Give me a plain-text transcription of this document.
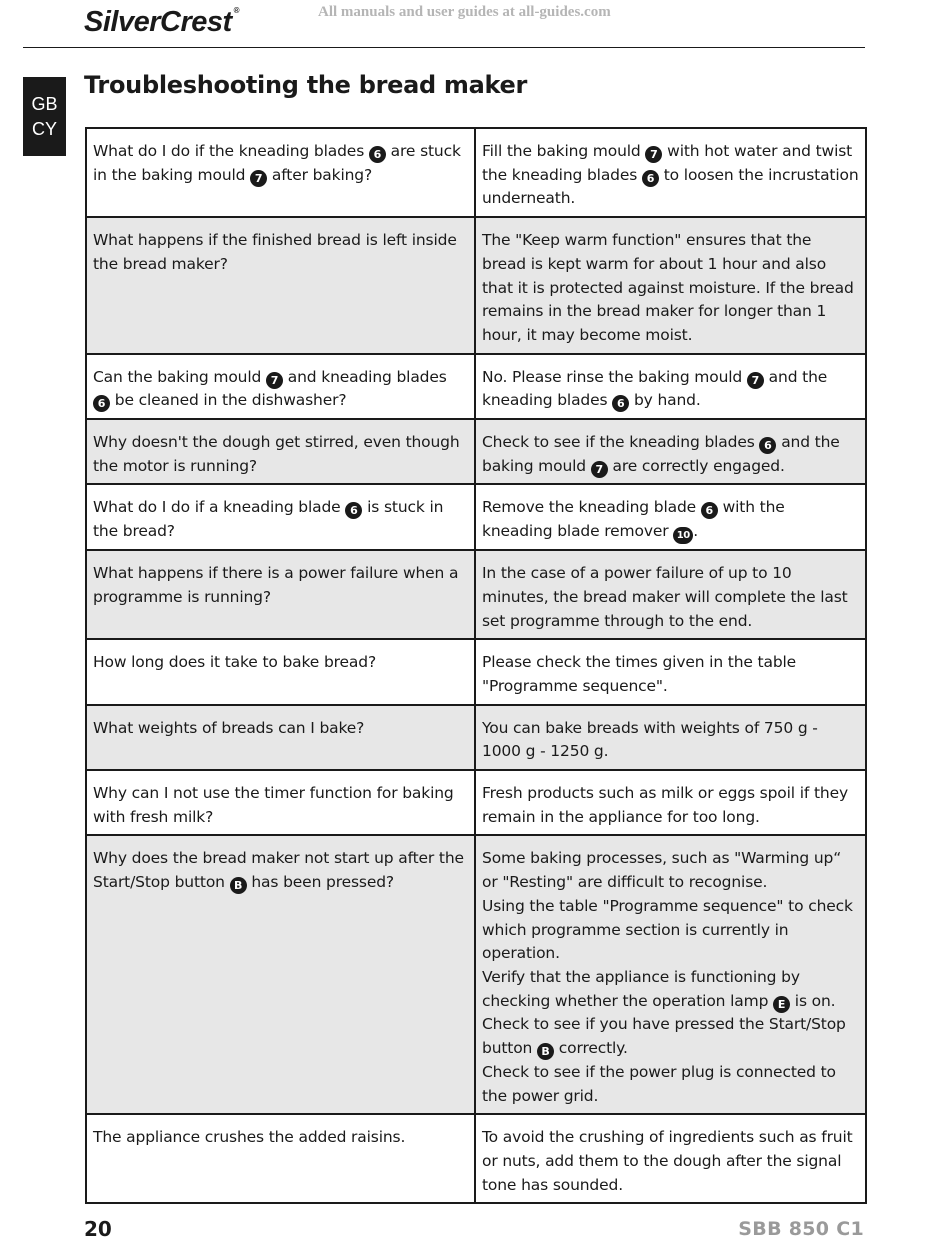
SilverCrest ®	All manuals and user guides at all-guides.com
GB
CY
Troubleshooting the bread maker
What do I do if the kneading blades 6 are stuck in the baking mould 7 after baking?	Fill the baking mould 7 with hot water and twist the kneading blades 6 to loosen the incrustation underneath.
What happens if the finished bread is left inside the bread maker?	The "Keep warm function" ensures that the bread is kept warm for about 1 hour and also that it is protected against moisture. If the bread remains in the bread maker for longer than 1 hour, it may become moist.
Can the baking mould 7 and kneading blades 6 be cleaned in the dishwasher?	No. Please rinse the baking mould 7 and the kneading blades 6 by hand.
Why doesn't the dough get stirred, even though the motor is running?	Check to see if the kneading blades 6 and the baking mould 7 are correctly engaged.
What do I do if a kneading blade 6 is stuck in the bread?	Remove the kneading blade 6 with the kneading blade remover 10 .
What happens if there is a power failure when a programme is running?	In the case of a power failure of up to 10 minutes, the bread maker will complete the last set programme through to the end.
How long does it take to bake bread?	Please check the times given in the table "Programme sequence".
What weights of breads can I bake?	You can bake breads with weights of 750 g - 1000 g - 1250 g.
Why can I not use the timer function for baking with fresh milk?	Fresh products such as milk or eggs spoil if they remain in the appliance for too long.
Why does the bread maker not start up after the Start/Stop button B has been pressed?	Some baking processes, such as "Warming up“ or "Resting" are difficult to recognise.
Using the table "Programme sequence" to check which programme section is currently in operation.
Verify that the appliance is functioning by checking whether the operation lamp E is on.
Check to see if you have pressed the Start/Stop button B correctly.
Check to see if the power plug is connected to the power grid.
The appliance crushes the added raisins.	To avoid the crushing of ingredients such as fruit or nuts, add them to the dough after the signal tone has sounded.
20	SBB 850 C1
